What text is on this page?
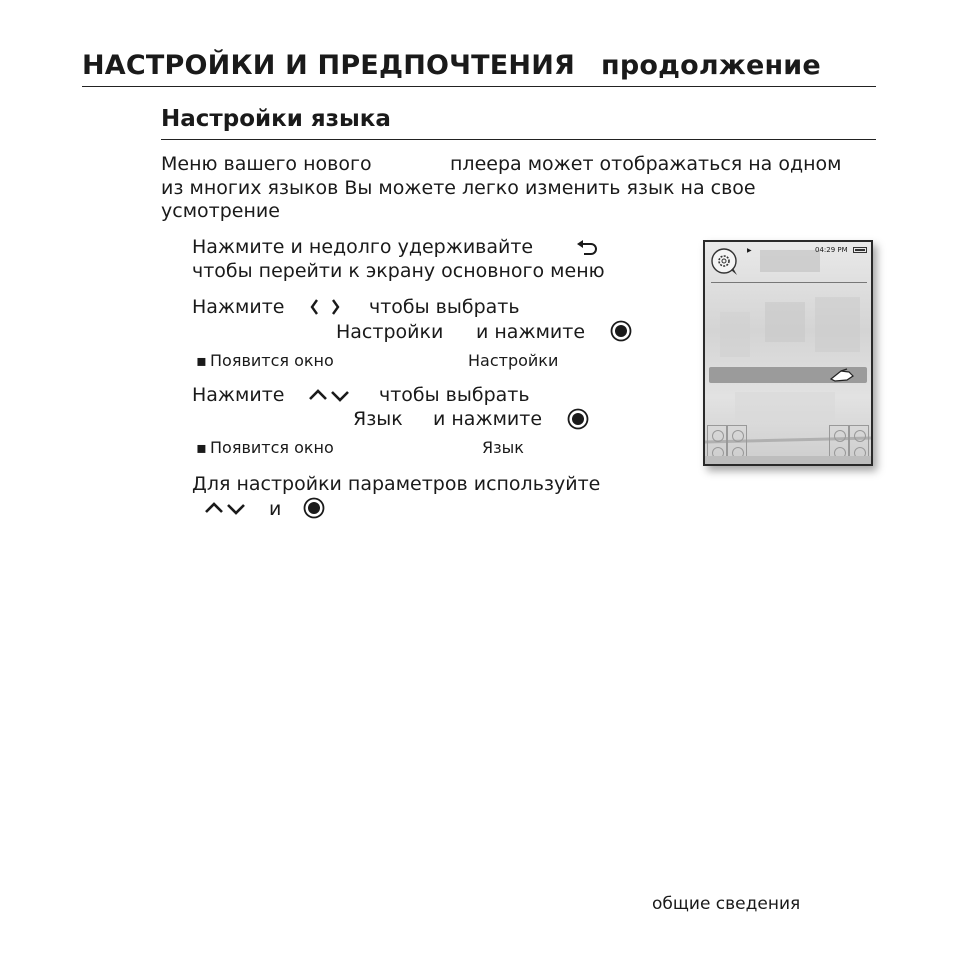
НАСТРОЙКИ И ПРЕДПОЧТЕНИЯ продолжение
Настройки языка
Меню вашего нового	плеера может отображаться на одном
из многих языков Вы можете легко изменить язык на свое
усмотрение
Нажмите и недолго удерживайте
чтобы перейти к экрану основного меню
Нажмите	чтобы выбрать
Настройки и нажмите
▪ Появится окно	Настройки
Нажмите	чтобы выбрать
Язык и нажмите
▪ Появится окно	Язык
Для настройки параметров используйте
и
▶	04:29 PM
общие сведения
